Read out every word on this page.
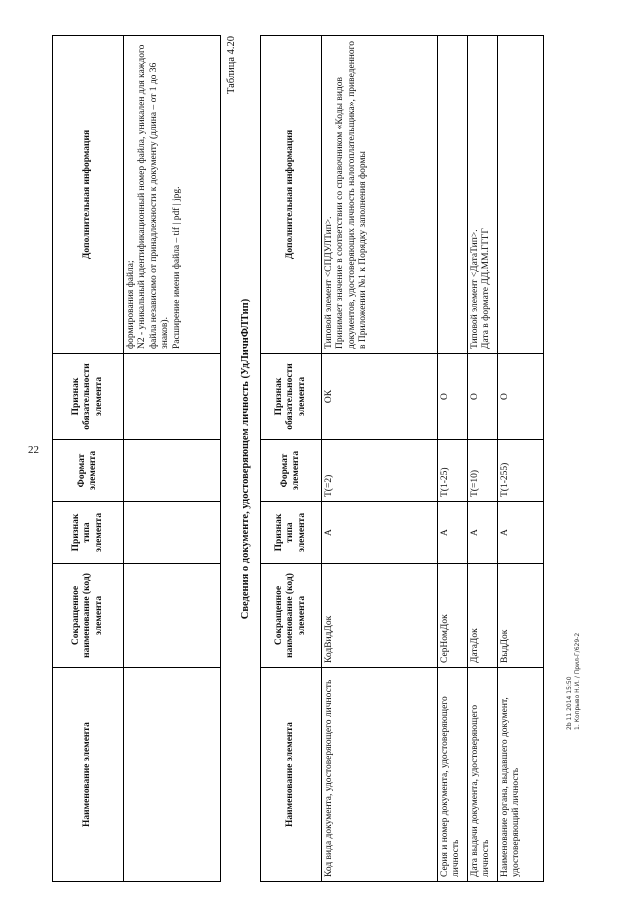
22
Наименование элемента	Сокращенное наименование (код) элемента	Признак типа элемента	Формат элемента	Признак обязательности элемента	Дополнительная информация
					формирования файла;
N2 - уникальный идентификационный номер файла, уникален для каждого файла независимо от принадлежности к документу (длина – от 1 до 36 знаков).
Расширение имени файла – tif | pdf | jpg.
Таблица 4.20
Сведения о документе, удостоверяющем личность (УдЛичнФЛТип)
Наименование элемента	Сокращенное наименование (код) элемента	Признак типа элемента	Формат элемента	Признак обязательности элемента	Дополнительная информация
Код вида документа, удостоверяющего личность	КодВидДок	А	Т(=2)	ОК	Типовой элемент <СПДУЛТип>.
Принимает значение в соответствии со справочником «Коды видов документов, удостоверяющих личность налогоплательщика», приведенного в Приложении №1 к Порядку заполнения формы
Серия и номер документа, удостоверяющего личность	СерНомДок	А	Т(1-25)	О	
Дата выдачи документа, удостоверяющего личность	ДатаДок	А	Т(=10)	О	Типовой элемент <ДатаТип>.
Дата в формате ДД.ММ.ГГГГ
Наименование органа, выдавшего документ, удостоверяющий личность	ВыдДок	А	Т(1-255)	О	
2b 11 2014 15:50 1. Копрыво Н.И. / Прил-Г/629-2
